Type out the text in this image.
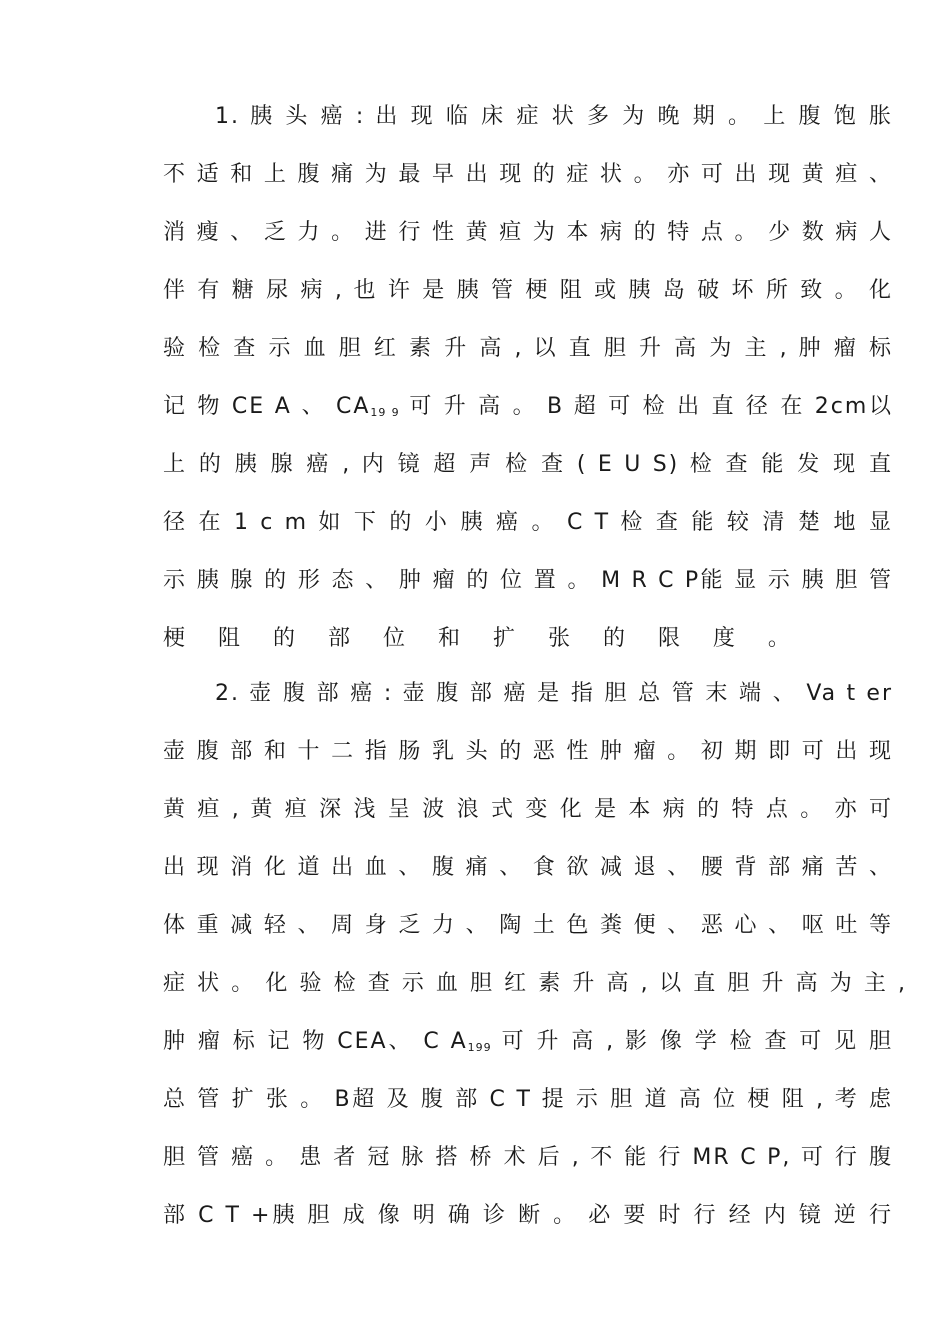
1. 胰 头 癌 : 出 现 临 床 症 状 多 为 晚 期 。 上 腹 饱 胀
不 适 和 上 腹 痛 为 最 早 出 现 的 症 状 。 亦 可 出 现 黄 疸 、
消 瘦 、 乏 力 。 进 行 性 黄 疸 为 本 病 的 特 点 。 少 数 病 人
伴 有 糖 尿 病 , 也 许 是 胰 管 梗 阻 或 胰 岛 破 坏 所 致 。 化
验 检 查 示 血 胆 红 素 升 高 , 以 直 胆 升 高 为 主 , 肿 瘤 标
记 物 CE A 、 CA19 9 可 升 高 。 B 超 可 检 出 直 径 在 2cm以
上 的 胰 腺 癌 , 内 镜 超 声 检 查 ( E U S) 检 查 能 发 现 直
径 在 1 c m 如 下 的 小 胰 癌 。 C T 检 查 能 较 清 楚 地 显
示 胰 腺 的 形 态 、 肿 瘤 的 位 置 。 M R C P能 显 示 胰 胆 管
梗 阻 的 部 位 和 扩 张 的 限 度 。
2. 壶 腹 部 癌 : 壶 腹 部 癌 是 指 胆 总 管 末 端 、 Va t er
壶 腹 部 和 十 二 指 肠 乳 头 的 恶 性 肿 瘤 。 初 期 即 可 出 现
黄 疸 , 黄 疸 深 浅 呈 波 浪 式 变 化 是 本 病 的 特 点 。 亦 可
出 现 消 化 道 出 血 、 腹 痛 、 食 欲 减 退 、 腰 背 部 痛 苦 、
体 重 减 轻 、 周 身 乏 力 、 陶 土 色 粪 便 、 恶 心 、 呕 吐 等
症 状 。 化 验 检 查 示 血 胆 红 素 升 高 , 以 直 胆 升 高 为 主 ,
肿 瘤 标 记 物 CEA、 C A199 可 升 高 , 影 像 学 检 查 可 见 胆
总 管 扩 张 。 B超 及 腹 部 C T 提 示 胆 道 高 位 梗 阻 , 考 虑
胆 管 癌 。 患 者 冠 脉 搭 桥 术 后 , 不 能 行 MR C P, 可 行 腹
部 C T +胰 胆 成 像 明 确 诊 断 。 必 要 时 行 经 内 镜 逆 行
